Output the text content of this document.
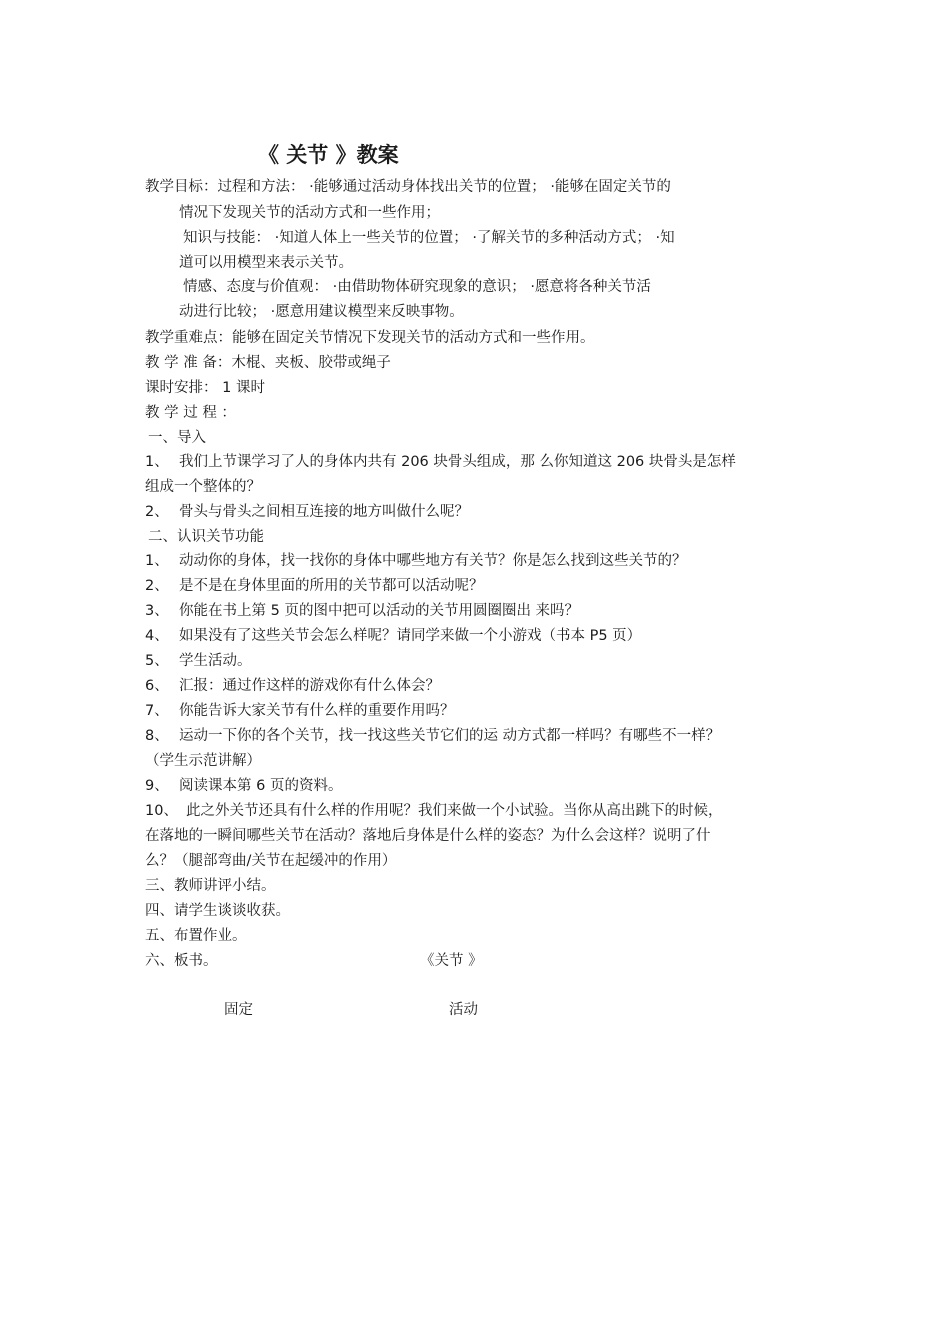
《 关节 》教案
教学目标：过程和方法： ·能够通过活动身体找出关节的位置； ·能够在固定关节的
情况下发现关节的活动方式和一些作用；
知识与技能： ·知道人体上一些关节的位置； ·了解关节的多种活动方式； ·知
道可以用模型来表示关节。
情感、态度与价值观： ·由借助物体研究现象的意识； ·愿意将各种关节活
动进行比较； ·愿意用建议模型来反映事物。
教学重难点：能够在固定关节情况下发现关节的活动方式和一些作用。
教 学 准 备：木棍、夹板、胶带或绳子
课时安排： 1 课时
教 学 过 程 ：
一、导入
1、 我们上节课学习了人的身体内共有 206 块骨头组成，那 么你知道这 206 块骨头是怎样
组成一个整体的？
2、 骨头与骨头之间相互连接的地方叫做什么呢？
二、认识关节功能
1、 动动你的身体，找一找你的身体中哪些地方有关节？你是怎么找到这些关节的？
2、 是不是在身体里面的所用的关节都可以活动呢？
3、 你能在书上第 5 页的图中把可以活动的关节用圆圈圈出 来吗？
4、 如果没有了这些关节会怎么样呢？请同学来做一个小游戏（书本 P5 页）
5、 学生活动。
6、 汇报：通过作这样的游戏你有什么体会？
7、 你能告诉大家关节有什么样的重要作用吗？
8、 运动一下你的各个关节，找一找这些关节它们的运 动方式都一样吗？有哪些不一样？
（学生示范讲解）
9、 阅读课本第 6 页的资料。
10、 此之外关节还具有什么样的作用呢？我们来做一个小试验。当你从高出跳下的时候，
在落地的一瞬间哪些关节在活动？落地后身体是什么样的姿态？为什么会这样？说明了什
么？（腿部弯曲/关节在起缓冲的作用）
三、教师讲评小结。
四、请学生谈谈收获。
五、布置作业。
六、板书。	《关节 》
固定	活动
